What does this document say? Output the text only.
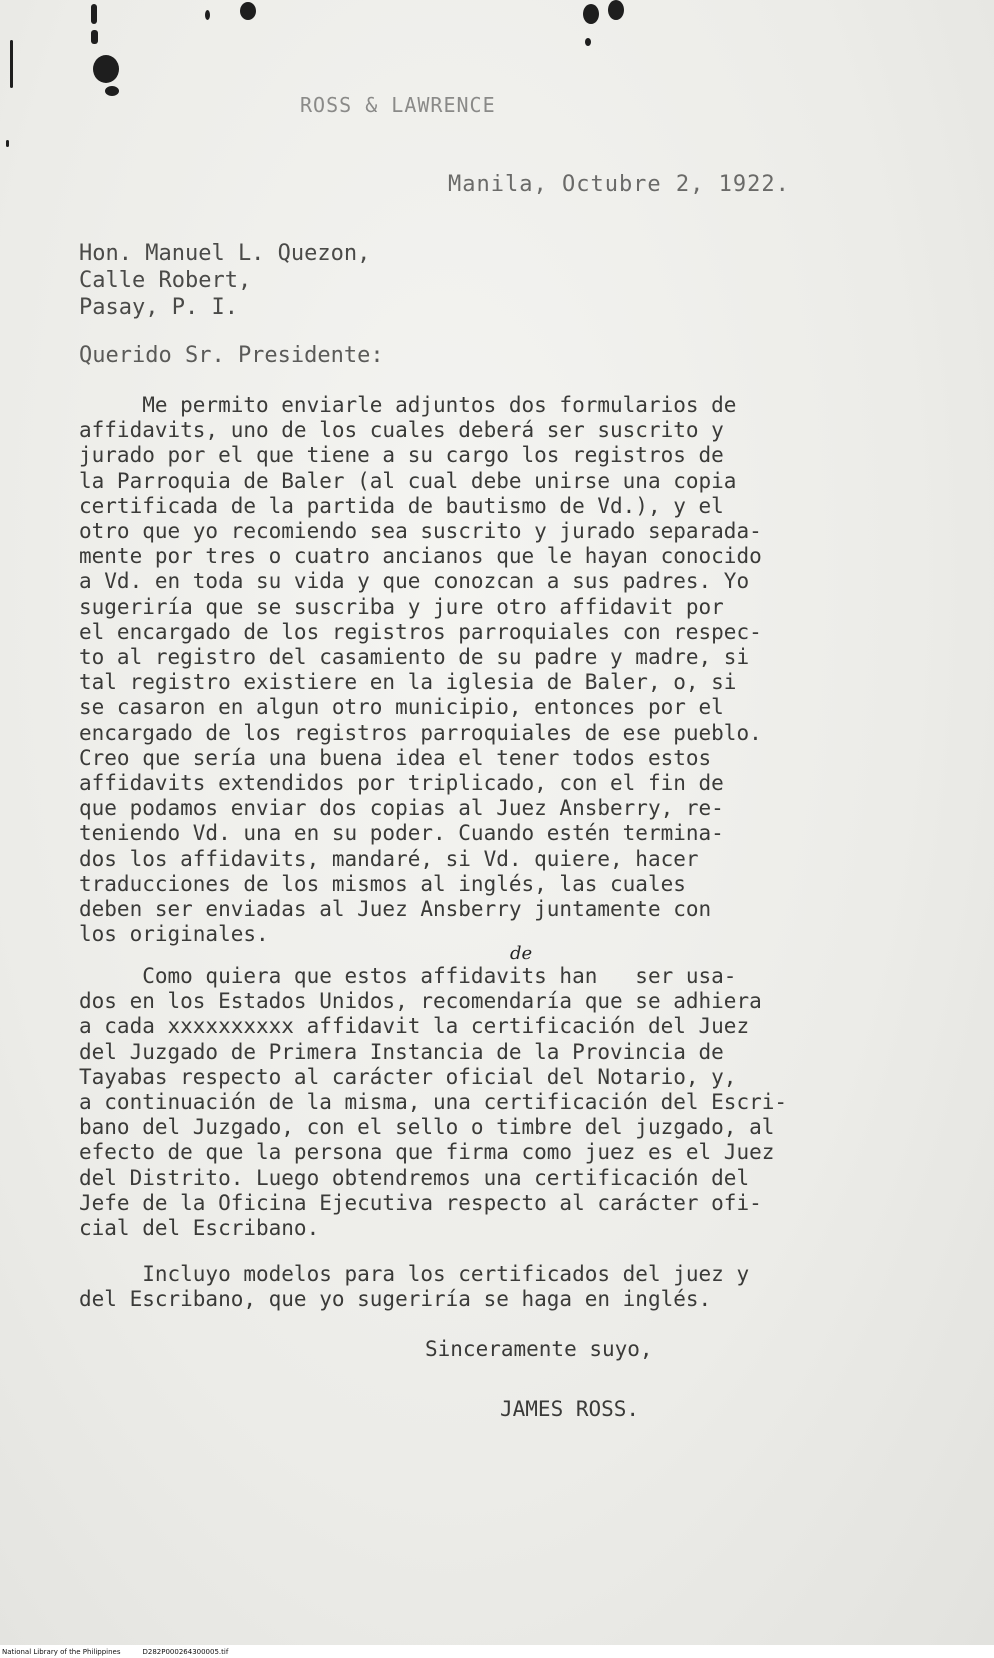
ROSS & LAWRENCE
Manila, Octubre 2, 1922.
Hon. Manuel L. Quezon,
Calle Robert,
Pasay, P. I.
Querido Sr. Presidente:
Me permito enviarle adjuntos dos formularios de
affidavits, uno de los cuales deberá ser suscrito y
jurado por el que tiene a su cargo los registros de
la Parroquia de Baler (al cual debe unirse una copia
certificada de la partida de bautismo de Vd.), y el
otro que yo recomiendo sea suscrito y jurado separada-
mente por tres o cuatro ancianos que le hayan conocido
a Vd. en toda su vida y que conozcan a sus padres. Yo
sugeriría que se suscriba y jure otro affidavit por
el encargado de los registros parroquiales con respec-
to al registro del casamiento de su padre y madre, si
tal registro existiere en la iglesia de Baler, o, si
se casaron en algun otro municipio, entonces por el
encargado de los registros parroquiales de ese pueblo.
Creo que sería una buena idea el tener todos estos
affidavits extendidos por triplicado, con el fin de
que podamos enviar dos copias al Juez Ansberry, re-
teniendo Vd. una en su poder. Cuando estén termina-
dos los affidavits, mandaré, si Vd. quiere, hacer
traducciones de los mismos al inglés, las cuales
deben ser enviadas al Juez Ansberry juntamente con
los originales.
Como quiera que estos affidavits han   ser usa-
dos en los Estados Unidos, recomendaría que se adhiera
a cada xxxxxxxxxx affidavit la certificación del Juez
del Juzgado de Primera Instancia de la Provincia de
Tayabas respecto al carácter oficial del Notario, y,
a continuación de la misma, una certificación del Escri-
bano del Juzgado, con el sello o timbre del juzgado, al
efecto de que la persona que firma como juez es el Juez
del Distrito. Luego obtendremos una certificación del
Jefe de la Oficina Ejecutiva respecto al carácter ofi-
cial del Escribano.
de
Incluyo modelos para los certificados del juez y
del Escribano, que yo sugeriría se haga en inglés.
Sinceramente suyo,
JAMES ROSS.
National Library of the Philippines	D282P000264300005.tif
